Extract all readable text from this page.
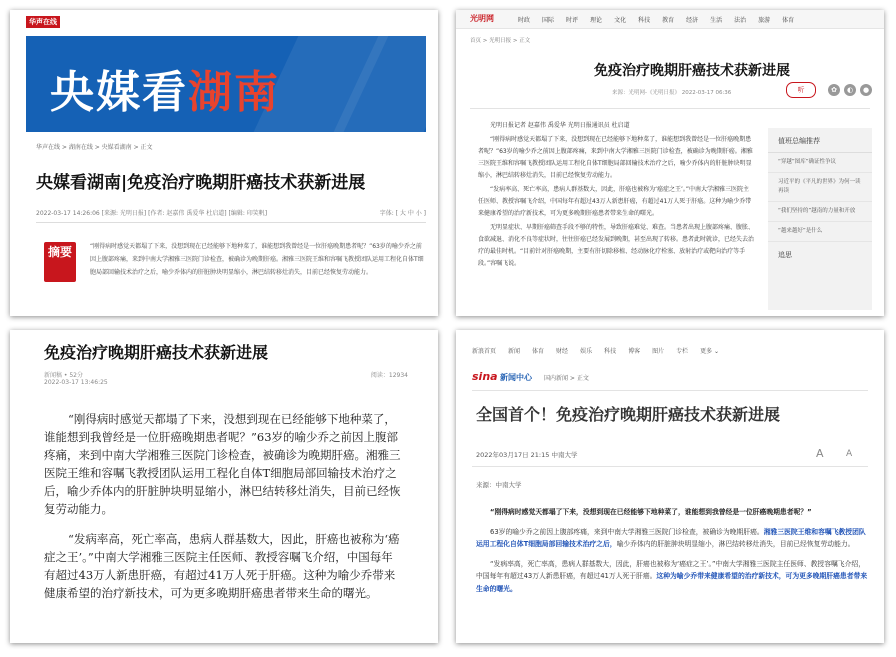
华声在线
央媒看湖南
华声在线 > 湖南在线 > 央媒看湖南 > 正文
央媒看湖南|免疫治疗晚期肝癌技术获新进展
2022-03-17 14:26:06 [来源: 光明日报] [作者: 赵嘉伟 禹爱华 杜启道] [编辑: 印笑帆]	字体: [ 大 中 小 ]
摘要	“刚得病时感觉天都塌了下来，没想到现在已经能够下地种菜了，谁能想到我曾经是一位肝癌晚期患者呢？”63岁的喻少乔之前因上腹部疼痛，来到中南大学湘雅三医院门诊检查，被确诊为晚期肝癌。湘雅三医院王维和容嘱飞教授团队运用工程化自体T细胞局部回输技术治疗之后，喻少乔体内的肝脏肿块明显缩小，淋巴结转移灶消失，目前已经恢复劳动能力。
光明网	时政 国际 时评 理论 文化 科技 教育 经济 生活 法治 旅游 体育
首页 > 光明日报 > 正文
免疫治疗晚期肝癌技术获新进展
来源：光明网-《光明日报》 2022-03-17 06:36	听	✿	◐	●

光明日报记者 赵嘉伟 禹爱华 光明日报通讯员 杜启道

“刚得病时感觉天都塌了下来，没想到现在已经能够下地种菜了，谁能想到我曾经是一位肝癌晚期患者呢？”63岁的喻少乔之前因上腹部疼痛，来到中南大学湘雅三医院门诊检查，被确诊为晚期肝癌。湘雅三医院王维和容嘱飞教授团队运用工程化自体T细胞局部回输技术治疗之后，喻少乔体内的肝脏肿块明显缩小，淋巴结转移灶消失，目前已经恢复劳动能力。

“发病率高、死亡率高，患病人群基数大，因此，肝癌也被称为‘癌症之王’。”中南大学湘雅三医院主任医师、教授容嘱飞介绍，中国每年有超过43万人新患肝癌，有超过41万人死于肝癌。这种为喻少乔带来健康希望的治疗新技术，可为更多晚期肝癌患者带来生命的曙光。

无明显症状、早期肝癌筛查手段不够的特性，导致肝癌难觉、难查。当患者出现上腹部疼痛、腹胀、食欲减退、消化不良等症状时，往往肝癌已经发展到晚期，甚至出现了转移。患者此时就诊，已经失去治疗的最佳时机。“目前针对肝癌晚期，主要有肝切除移植、经动脉化疗栓塞、放射治疗或靶向治疗等手段。”容嘱飞说。

值班总编推荐
“穿越”图库”确证性争议
习近平的《平凡的世界》为何一读再读
“我们坚持的”越南的力量和开放
“越来越好”是什么
追思
免疫治疗晚期肝癌技术获新进展
新闻稿 • 52分	阅读：12934
2022-03-17 13:46:25

“刚得病时感觉天都塌了下来，没想到现在已经能够下地种菜了，谁能想到我曾经是一位肝癌晚期患者呢？”63岁的喻少乔之前因上腹部疼痛，来到中南大学湘雅三医院门诊检查，被确诊为晚期肝癌。湘雅三医院王维和容嘱飞教授团队运用工程化自体T细胞局部回输技术治疗之后，喻少乔体内的肝脏肿块明显缩小，淋巴结转移灶消失，目前已经恢复劳动能力。

“发病率高，死亡率高，患病人群基数大，因此，肝癌也被称为‘癌症之王’。”中南大学湘雅三医院主任医师、教授容嘱飞介绍，中国每年有超过43万人新患肝癌，有超过41万人死于肝癌。这种为喻少乔带来健康希望的治疗新技术，可为更多晚期肝癌患者带来生命的曙光。

新浪首页 新闻 体育 财经 娱乐 科技 博客 图片 专栏 更多 ⌄
sina 新闻中心 国内新闻 > 正文
全国首个！免疫治疗晚期肝癌技术获新进展
2022年03月17日 21:15 中南大学	A A
来源：中南大学

“刚得病时感觉天都塌了下来，没想到现在已经能够下地种菜了，谁能想到我曾经是一位肝癌晚期患者呢？”

63岁的喻少乔之前因上腹部疼痛，来到中南大学湘雅三医院门诊检查，被确诊为晚期肝癌。湘雅三医院王维和容嘱飞教授团队运用工程化自体T细胞局部回输技术治疗之后，喻少乔体内的肝脏肿块明显缩小，淋巴结转移灶消失，目前已经恢复劳动能力。

“发病率高，死亡率高，患病人群基数大，因此，肝癌也被称为‘癌症之王’。”中南大学湘雅三医院主任医师、教授容嘱飞介绍，中国每年有超过43万人新患肝癌，有超过41万人死于肝癌。这种为喻少乔带来健康希望的治疗新技术，可为更多晚期肝癌患者带来生命的曙光。
